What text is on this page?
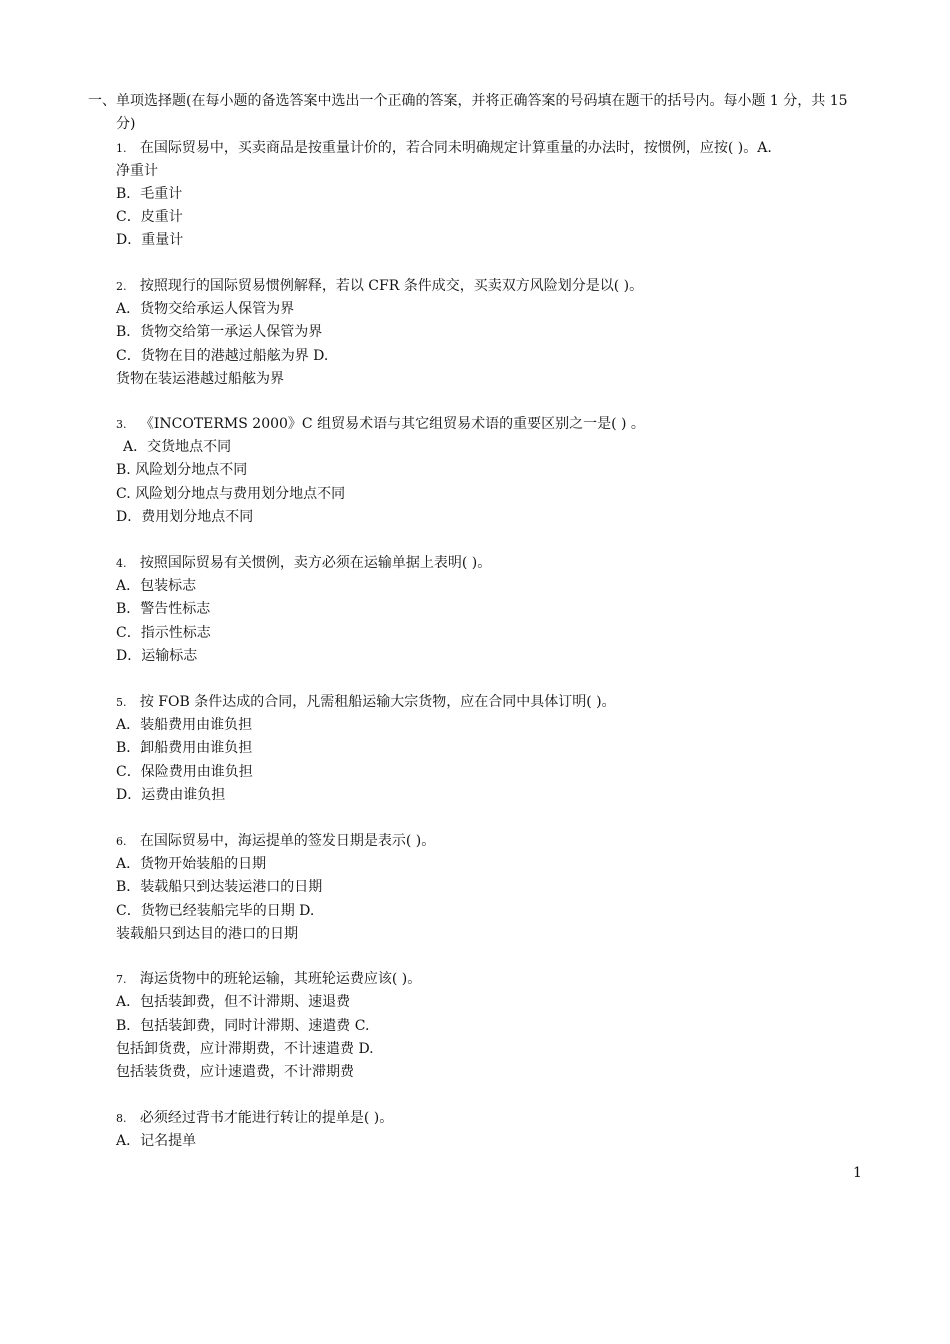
一、单项选择题(在每小题的备选答案中选出一个正确的答案，并将正确答案的号码填在题干的括号内。每小题 1 分，共 15
分)
1. 在国际贸易中，买卖商品是按重量计价的，若合同未明确规定计算重量的办法时，按惯例，应按( )。A.
净重计
B．毛重计
C．皮重计
D．重量计
2. 按照现行的国际贸易惯例解释，若以 CFR 条件成交，买卖双方风险划分是以( )。
A．货物交给承运人保管为界
B．货物交给第一承运人保管为界
C．货物在目的港越过船舷为界 D.
货物在装运港越过船舷为界
3. 《INCOTERMS 2000》C 组贸易术语与其它组贸易术语的重要区别之一是( ) 。
A．交货地点不同
B. 风险划分地点不同
C. 风险划分地点与费用划分地点不同
D．费用划分地点不同
4. 按照国际贸易有关惯例，卖方必须在运输单据上表明( )。
A．包装标志
B．警告性标志
C．指示性标志
D．运输标志
5. 按 FOB 条件达成的合同，凡需租船运输大宗货物，应在合同中具体订明( )。
A．装船费用由谁负担
B．卸船费用由谁负担
C．保险费用由谁负担
D．运费由谁负担
6. 在国际贸易中，海运提单的签发日期是表示( )。
A．货物开始装船的日期
B．装载船只到达装运港口的日期
C．货物已经装船完毕的日期 D.
装载船只到达目的港口的日期
7. 海运货物中的班轮运输，其班轮运费应该( )。
A．包括装卸费，但不计滞期、速退费
B．包括装卸费，同时计滞期、速遣费 C.
包括卸货费，应计滞期费，不计速遣费 D.
包括装货费，应计速遣费，不计滞期费
8. 必须经过背书才能进行转让的提单是( )。
A．记名提单
1
